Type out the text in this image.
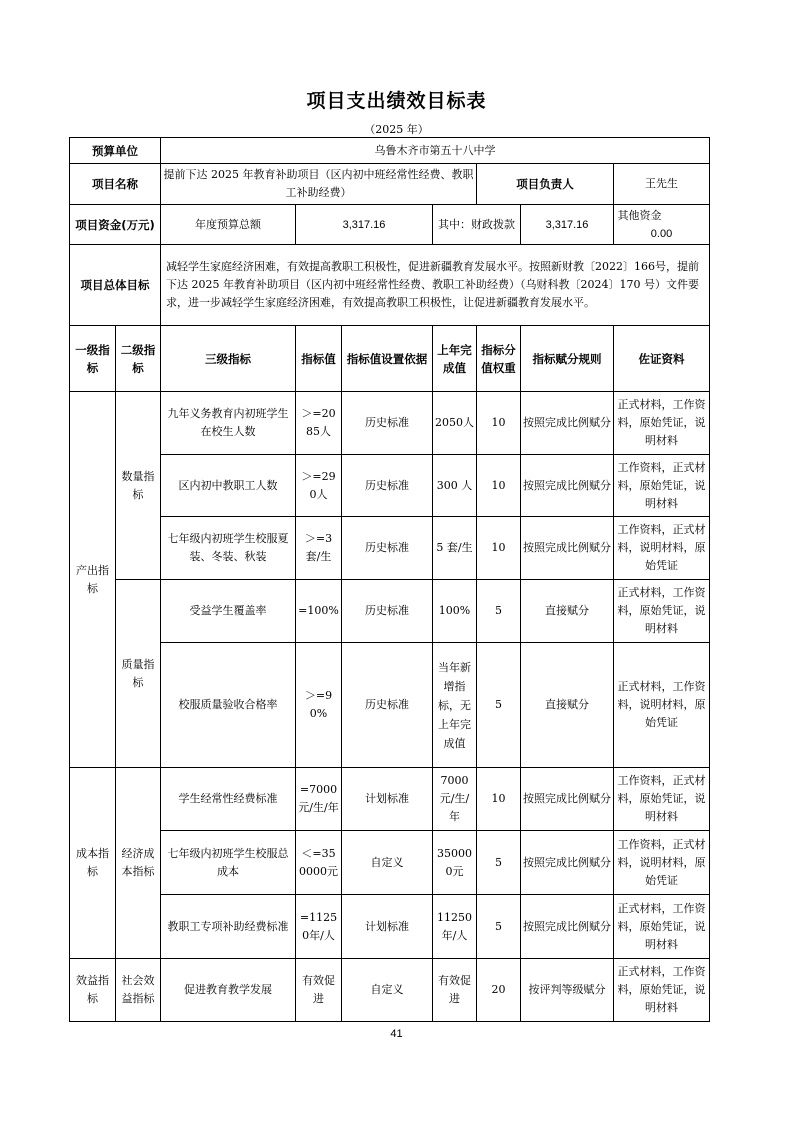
项目支出绩效目标表
（2025 年）
预算单位		乌鲁木齐市第五十八中学						
项目名称		提前下达 2025 年教育补助项目（区内初中班经常性经费、教职工补助经费）				项目负责人		王先生
项目资金(万元)		年度预算总额	3,317.16		其中：财政拨款		3,317.16	其他资金0.00
项目总体目标		减轻学生家庭经济困难，有效提高教职工积极性，促进新疆教育发展水平。按照新财教〔2022〕166号，提前下达 2025 年教育补助项目（区内初中班经常性经费、教职工补助经费）（乌财科教〔2024〕170 号）文件要求，进一步减轻学生家庭经济困难，有效提高教职工积极性，让促进新疆教育发展水平。						
一级指标	二级指标	三级指标	指标值	指标值设置依据	上年完成值	指标分值权重	指标赋分规则	佐证资料
产出指标	数量指标	九年义务教育内初班学生在校生人数	＞=2085人	历史标准	2050人	10	按照完成比例赋分	正式材料，工作资料，原始凭证，说明材料
		区内初中教职工人数	＞=290人	历史标准	300 人	10	按照完成比例赋分	工作资料，正式材料，原始凭证，说明材料
		七年级内初班学生校服夏装、冬装、秋装	＞=3套/生	历史标准	5 套/生	10	按照完成比例赋分	工作资料，正式材料，说明材料，原始凭证
	质量指标	受益学生覆盖率	=100%	历史标准	100%	5	直接赋分	正式材料，工作资料，原始凭证，说明材料
		校服质量验收合格率	＞=90%	历史标准	当年新增指标，无上年完成值	5	直接赋分	正式材料，工作资料，说明材料，原始凭证
成本指标	经济成本指标	学生经常性经费标准	=7000元/生/年	计划标准	7000元/生/年	10	按照完成比例赋分	工作资料，正式材料，原始凭证，说明材料
		七年级内初班学生校服总成本	＜=350000元	自定义	350000元	5	按照完成比例赋分	工作资料，正式材料，说明材料，原始凭证
		教职工专项补助经费标准	=11250年/人	计划标准	11250年/人	5	按照完成比例赋分	正式材料，工作资料，原始凭证，说明材料
效益指标	社会效益指标	促进教育教学发展	有效促进	自定义	有效促进	20	按评判等级赋分	正式材料，工作资料，原始凭证，说明材料
41
